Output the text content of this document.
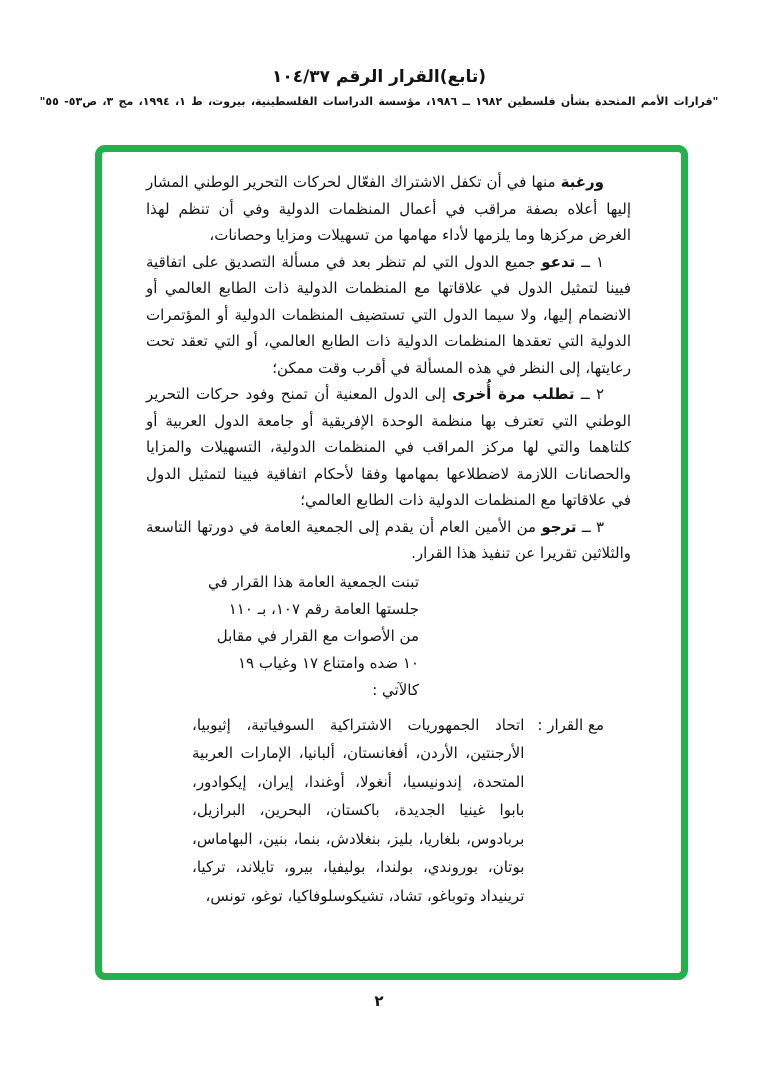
(تابع)القرار الرقم ١٠٤/٣٧
"قرارات الأمم المتحدة بشأن فلسطين ١٩٨٢ ــ ١٩٨٦، مؤسسة الدراسات الفلسطينية، بيروت، ط ١، ١٩٩٤، مج ٣، ص٥٣- ٥٥"

ورغبة منها في أن تكفل الاشتراك الفعّال لحركات التحرير الوطني المشار إليها أعلاه بصفة مراقب في أعمال المنظمات الدولية وفي أن تنظم لهذا الغرض مركزها وما يلزمها لأداء مهامها من تسهيلات ومزايا وحصانات،

١ ــ تدعو جميع الدول التي لم تنظر بعد في مسألة التصديق على اتفاقية فيينا لتمثيل الدول في علاقاتها مع المنظمات الدولية ذات الطابع العالمي أو الانضمام إليها، ولا سيما الدول التي تستضيف المنظمات الدولية أو المؤتمرات الدولية التي تعقدها المنظمات الدولية ذات الطابع العالمي، أو التي تعقد تحت رعايتها، إلى النظر في هذه المسألة في أقرب وقت ممكن؛

٢ ــ تطلب مرة أُخرى إلى الدول المعنية أن تمنح وفود حركات التحرير الوطني التي تعترف بها منظمة الوحدة الإفريقية أو جامعة الدول العربية أو كلتاهما والتي لها مركز المراقب في المنظمات الدولية، التسهيلات والمزايا والحصانات اللازمة لاضطلاعها بمهامها وفقا لأحكام اتفاقية فيينا لتمثيل الدول في علاقاتها مع المنظمات الدولية ذات الطابع العالمي؛

٣ ــ ترجو من الأمين العام أن يقدم إلى الجمعية العامة في دورتها التاسعة والثلاثين تقريرا عن تنفيذ هذا القرار.

تبنت الجمعية العامة هذا القرار في
جلستها العامة رقم ١٠٧، بـ ١١٠
من الأصوات مع القرار في مقابل
١٠ ضده وامتناع ١٧ وغياب ١٩
كالآتي :
مع القرار :
اتحاد الجمهوريات الاشتراكية السوفياتية، إثيوبيا، الأرجنتين، الأردن، أفغانستان، ألبانيا، الإمارات العربية المتحدة، إندونيسيا، أنغولا، أوغندا، إيران، إيكوادور، بابوا غينيا الجديدة، باكستان، البحرين، البرازيل، بربادوس، بلغاريا، بليز، بنغلادش، بنما، بنين، البهاماس، بوتان، بوروندي، بولندا، بوليفيا، بيرو، تايلاند، تركيا، ترينيداد وتوباغو، تشاد، تشيكوسلوفاكيا، توغو، تونس،
٢
